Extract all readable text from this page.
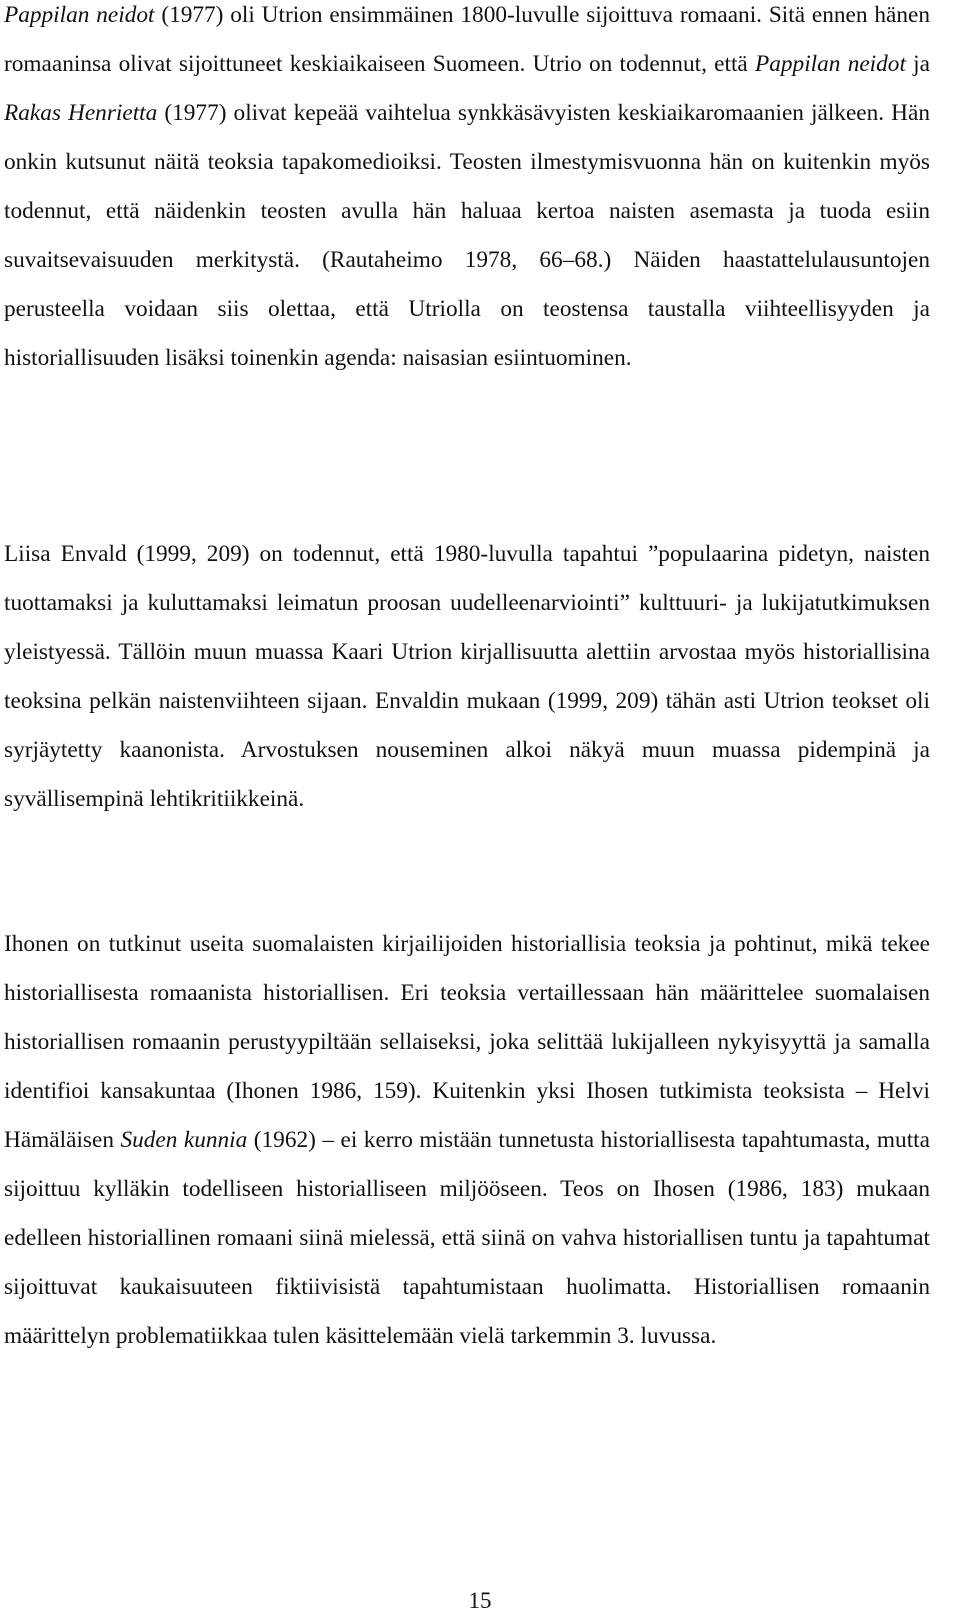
Pappilan neidot (1977) oli Utrion ensimmäinen 1800-luvulle sijoittuva romaani. Sitä ennen hänen romaaninsa olivat sijoittuneet keskiaikaiseen Suomeen. Utrio on todennut, että Pappilan neidot ja Rakas Henrietta (1977) olivat kepeää vaihtelua synkkäsävyisten keskiaikaromaanien jälkeen. Hän onkin kutsunut näitä teoksia tapakomedioiksi. Teosten ilmestymisvuonna hän on kuitenkin myös todennut, että näidenkin teosten avulla hän haluaa kertoa naisten asemasta ja tuoda esiin suvaitsevaisuuden merkitystä. (Rautaheimo 1978, 66–68.) Näiden haastattelulausuntojen perusteella voidaan siis olettaa, että Utriolla on teostensa taustalla viihteellisyyden ja historiallisuuden lisäksi toinenkin agenda: naisasian esiintuominen.

Liisa Envald (1999, 209) on todennut, että 1980-luvulla tapahtui ”populaarina pidetyn, naisten tuottamaksi ja kuluttamaksi leimatun proosan uudelleenarviointi” kulttuuri- ja lukijatutkimuksen yleistyessä. Tällöin muun muassa Kaari Utrion kirjallisuutta alettiin arvostaa myös historiallisina teoksina pelkän naistenviihteen sijaan. Envaldin mukaan (1999, 209) tähän asti Utrion teokset oli syrjäytetty kaanonista. Arvostuksen nouseminen alkoi näkyä muun muassa pidempinä ja syvällisempinä lehtikritiikkeinä.

Ihonen on tutkinut useita suomalaisten kirjailijoiden historiallisia teoksia ja pohtinut, mikä tekee historiallisesta romaanista historiallisen. Eri teoksia vertaillessaan hän määrittelee suomalaisen historiallisen romaanin perustyypiltään sellaiseksi, joka selittää lukijalleen nykyisyyttä ja samalla identifioi kansakuntaa (Ihonen 1986, 159). Kuitenkin yksi Ihosen tutkimista teoksista – Helvi Hämäläisen Suden kunnia (1962) – ei kerro mistään tunnetusta historiallisesta tapahtumasta, mutta sijoittuu kylläkin todelliseen historialliseen miljööseen. Teos on Ihosen (1986, 183) mukaan edelleen historiallinen romaani siinä mielessä, että siinä on vahva historiallisen tuntu ja tapahtumat sijoittuvat kaukaisuuteen fiktiivisistä tapahtumistaan huolimatta. Historiallisen romaanin määrittelyn problematiikkaa tulen käsittelemään vielä tarkemmin 3. luvussa.

15
